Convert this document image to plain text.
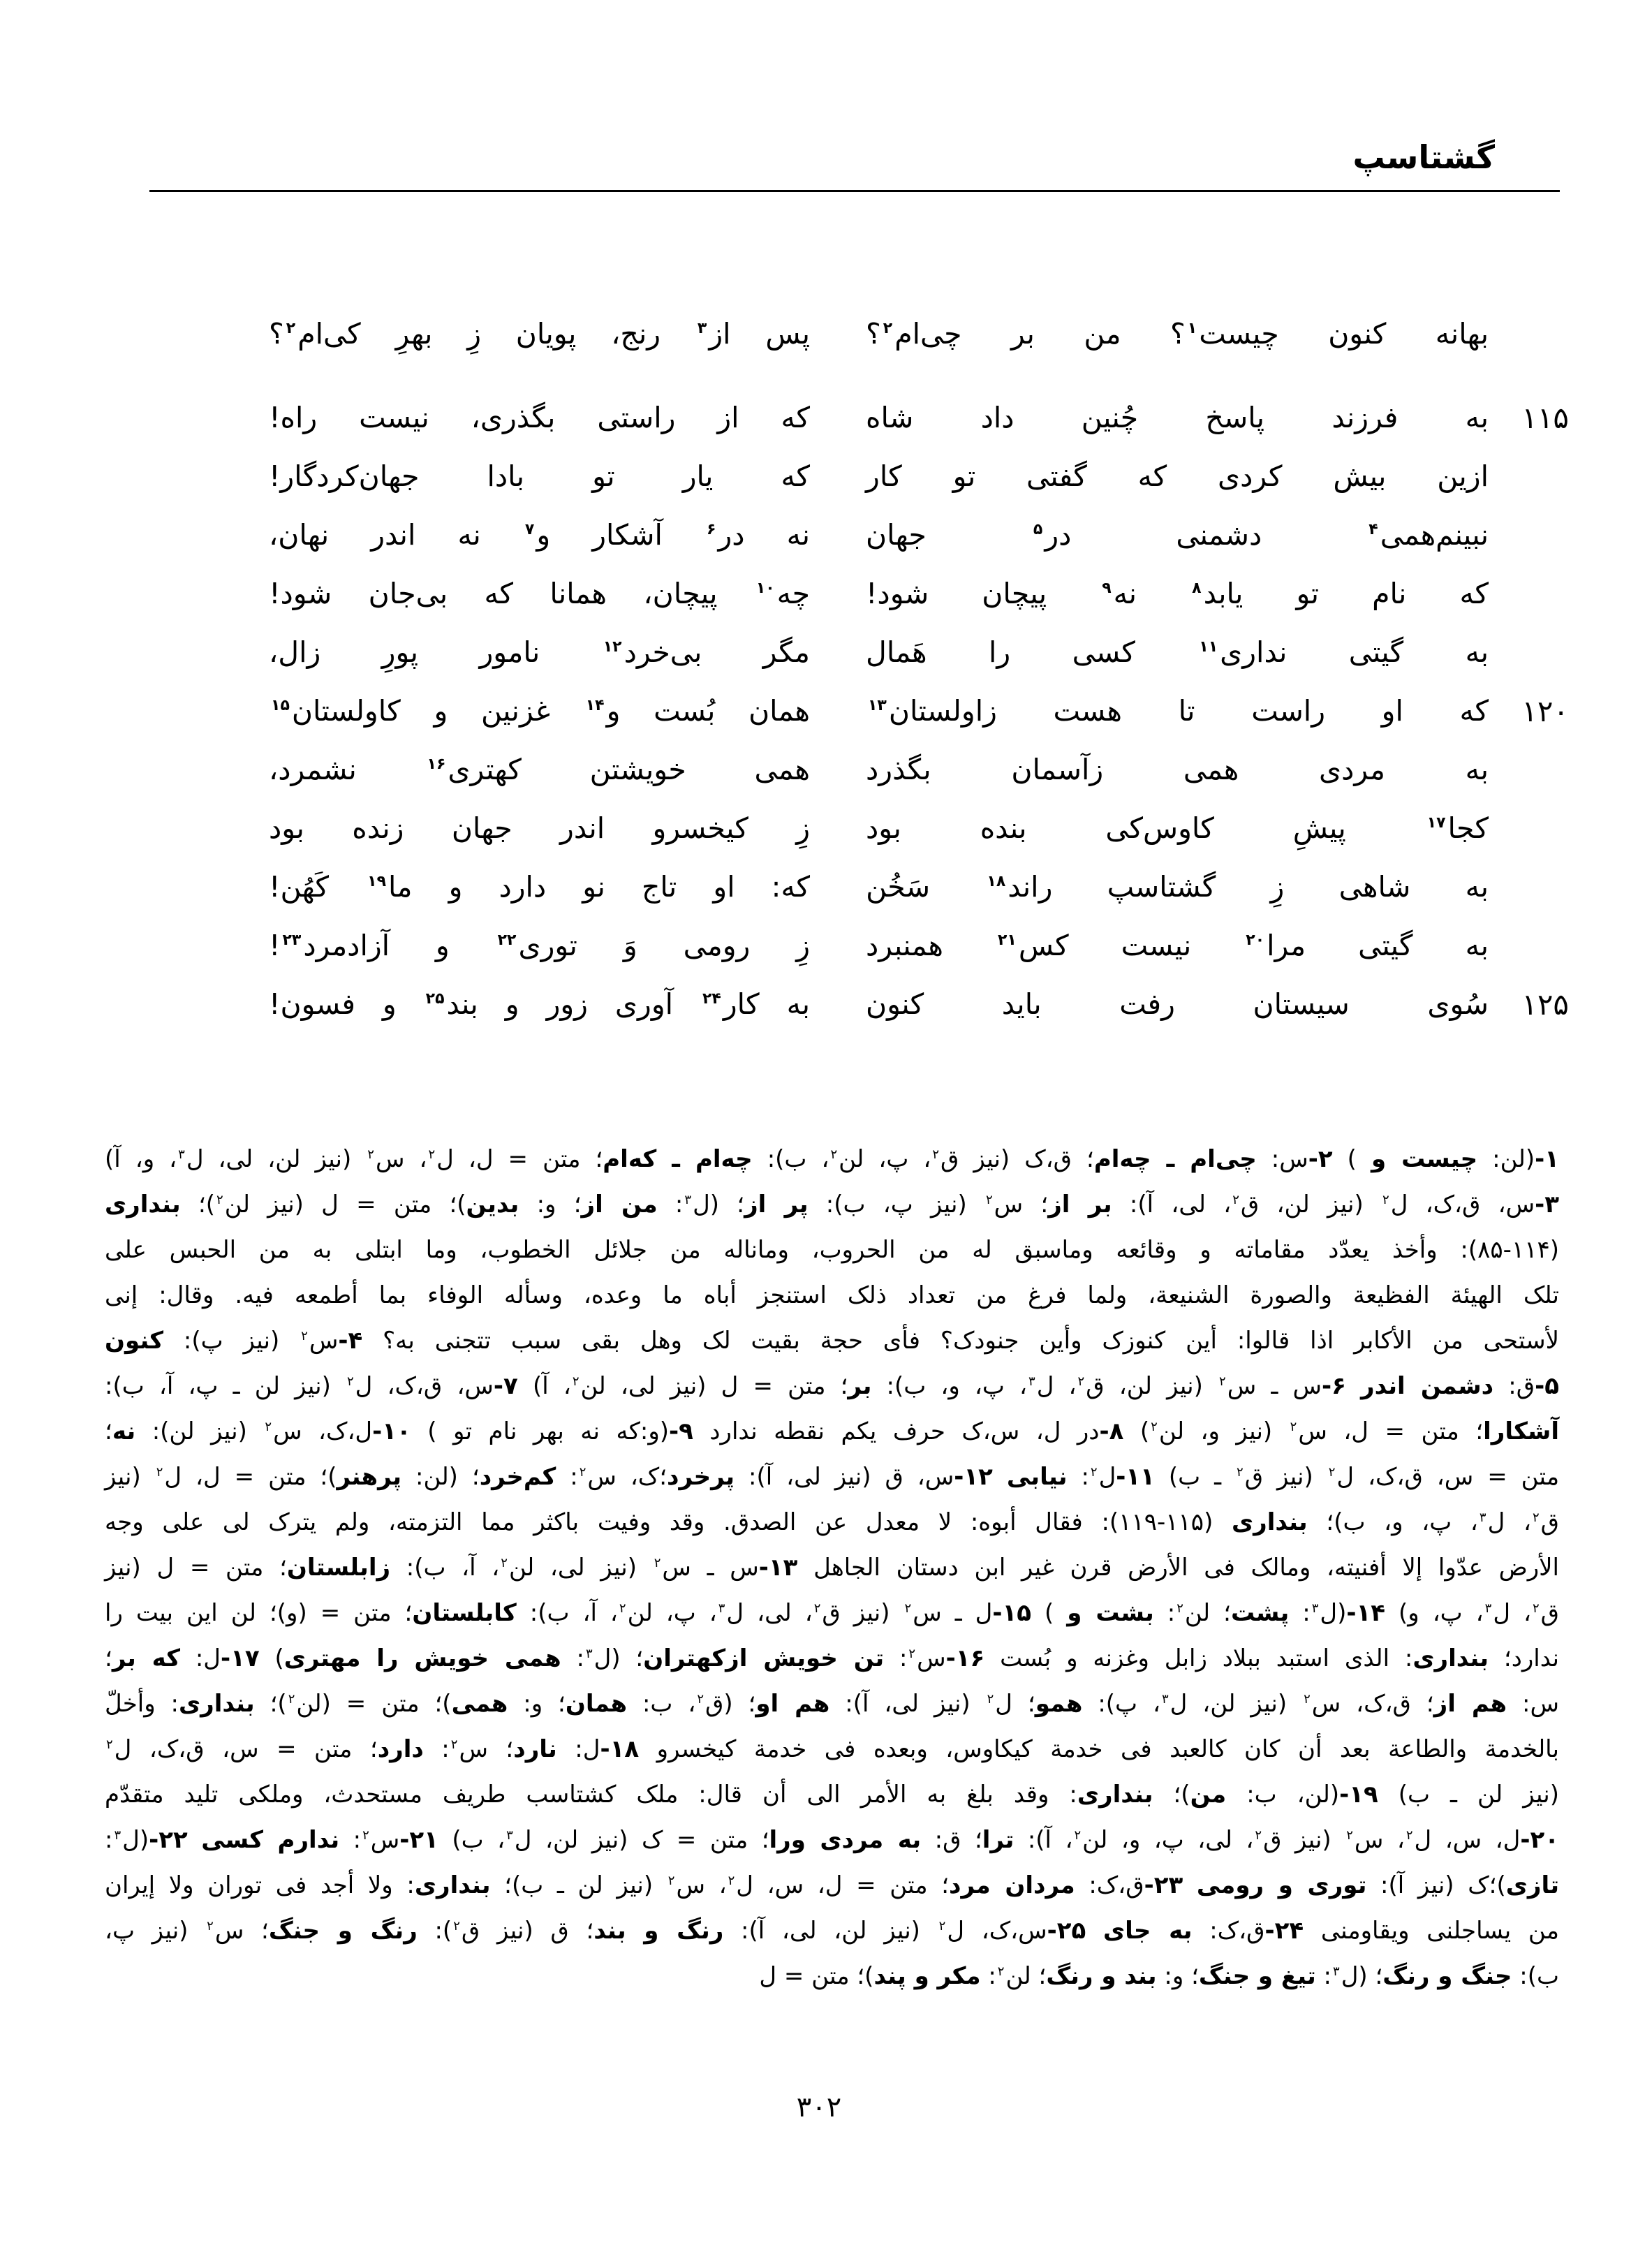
گشتاسپ
بهانه
کنون
چیست$^۱$؟
من
بر
چی‌ام$^۲$؟
پس
از$^۳$
رنج،
پویان
زِ
بهرِ
کی‌ام$^۲$؟
۱۱۵
به
فرزند
پاسخ
چُنین
داد
شاه
که
از
راستی
بگذری،
نیست
راه!
ازین
بیش
کردی
که
گفتی
تو
کار
که
یار
تو
بادا
جهان‌کردگار!
نبینم‌همی$^۴$
دشمنی
در$^۵$
جهان
نه
در$^۶$
آشکار
و$^۷$
نه
اندر
نهان،
که
نام
تو
یابد$^۸$
نه$^۹$
پیچان
شود!
چه$^{۱۰}$
پیچان،
همانا
که
بی‌جان
شود!
به
گیتی
نداری$^{۱۱}$
کسی
را
هَمال
مگر
بی‌خرد$^{۱۲}$
نامور
پورِ
زال،
۱۲۰
که
او
راست
تا
هست
زاولستان$^{۱۳}$
همان
بُست
و$^{۱۴}$
غزنین
و
کاولستان$^{۱۵}$
به
مردی
همی
زآسمان
بگذرد
همی
خویشتن
کهتری$^{۱۶}$
نشمرد،
کجا$^{۱۷}$
پیشِ
کاوس‌کی
بنده
بود
زِ
کیخسرو
اندر
جهان
زنده
بود
به
شاهی
زِ
گشتاسپ
راند$^{۱۸}$
سَخُن
که:
او
تاج
نو
دارد
و
ما$^{۱۹}$
کَهُن!
به
گیتی
مرا$^{۲۰}$
نیست
کس$^{۲۱}$
همنبرد
زِ
رومی
وَ
توری$^{۲۲}$
و
آزادمرد$^{۲۳}$!
۱۲۵
سُوی
سیستان
رفت
باید
کنون
به
کار$^{۲۴}$
آوری
زور
و
بند$^{۲۵}$
و
فسون!
۱-(لن: چیست و ) ۲-س: چی‌ام ـ چه‌ام؛ ق،ک (نیز ق$^۲$، پ، لن$^۲$، ب): چه‌ام ـ که‌ام؛ متن = ل، ل$^۲$، س$^۲$ (نیز لن، لی، ل$^۳$، و، آ)
۳-س، ق،ک، ل$^۲$ (نیز لن، ق$^۲$، لی، آ): بر از؛ س$^۲$ (نیز پ، ب): پر از؛ (ل$^۳$: من از؛ و: بدین)؛ متن = ل (نیز لن$^۲$)؛ بنداری
(۸۵-۱۱۴): وأخذ یعدّد مقاماته و وقائعه وماسبق له من الحروب، وماناله من جلائل الخطوب، وما ابتلی به من الحبس علی
تلک الهیئة الفظیعة والصورة الشنیعة، ولما فرغ من تعداد ذلک استنجز أباه ما وعده، وسأله الوفاء بما أطمعه فیه. وقال: إنی
لأستحی من الأکابر اذا قالوا: أین کنوزک وأین جنودک؟ فأی حجة بقیت لک وهل بقی سبب تتجنی به؟ ۴-س$^۲$ (نیز پ): کنون
۵-ق: دشمن اندر ۶-س ـ س$^۲$ (نیز لن، ق$^۲$، ل$^۳$، پ، و، ب): بر؛ متن = ل (نیز لی، لن$^۲$، آ) ۷-س، ق،ک، ل$^۲$ (نیز لن ـ پ، آ، ب):
آشکارا؛ متن = ل، س$^۲$ (نیز و، لن$^۲$) ۸-در ل، س،ک حرف یکم نقطه ندارد ۹-(و:که نه بهر نام تو ) ۱۰-ل،ک، س$^۲$ (نیز لن): نه؛
متن = س، ق،ک، ل$^۲$ (نیز ق$^۲$ ـ ب) ۱۱-ل$^۲$: نیابی ۱۲-س، ق (نیز لی، آ): پرخرد؛ک، س$^۲$: کم‌خرد؛ (لن: پرهنر)؛ متن = ل، ل$^۲$ (نیز
ق$^۲$، ل$^۳$، پ، و، ب)؛ بنداری (۱۱۵-۱۱۹): فقال أبوه: لا معدل عن الصدق. وقد وفیت باکثر مما التزمته، ولم یترک لی علی وجه
الأرض عدّوا إلا أفنیته، ومالک فی الأرض قرن غیر ابن دستان الجاهل ۱۳-س ـ س$^۲$ (نیز لی، لن$^۲$، آ، ب): زابلستان؛ متن = ل (نیز
ق$^۲$، ل$^۳$، پ، و) ۱۴-(ل$^۳$: پشت؛ لن$^۲$: بشت و ) ۱۵-ل ـ س$^۲$ (نیز ق$^۲$، لی، ل$^۳$، پ، لن$^۲$، آ، ب): کابلستان؛ متن = (و)؛ لن این بیت را
ندارد؛ بنداری: الذی استبد ببلاد زابل وغزنه و بُست ۱۶-س$^۲$: تن خویش ازکهتران؛ (ل$^۳$: همی خویش را مهتری) ۱۷-ل: که بر؛
س: هم از؛ ق،ک، س$^۲$ (نیز لن، ل$^۳$، پ): همو؛ ل$^۲$ (نیز لی، آ): هم او؛ (ق$^۲$، ب: همان؛ و: همی)؛ متن = (لن$^۲$)؛ بنداری: وأخلّ
بالخدمة والطاعة بعد أن کان کالعبد فی خدمة کیکاوس، وبعده فی خدمة کیخسرو ۱۸-ل: نارد؛ س$^۲$: دارد؛ متن = س، ق،ک، ل$^۲$
(نیز لن ـ ب) ۱۹-(لن، ب: من)؛ بنداری: وقد بلغ به الأمر الی أن قال: ملک کشتاسب طریف مستحدث، وملکی تلید متقدّم
۲۰-ل، س، ل$^۲$، س$^۲$ (نیز ق$^۲$، لی، پ، و، لن$^۲$، آ): ترا؛ ق: به مردی ورا؛ متن = ک (نیز لن، ل$^۳$، ب) ۲۱-س$^۲$: ندارم کسی ۲۲-(ل$^۳$:
تازی)؛ک (نیز آ): توری و رومی ۲۳-ق،ک: مردان مرد؛ متن = ل، س، ل$^۲$، س$^۲$ (نیز لن ـ ب)؛ بنداری: ولا أجد فی توران ولا إیران
من یساجلنی ویقاومنی ۲۴-ق،ک: به جای ۲۵-س،ک، ل$^۲$ (نیز لن، لی، آ): رنگ و بند؛ ق (نیز ق$^۲$): رنگ و جنگ؛ س$^۲$ (نیز پ،
ب): جنگ و رنگ؛ (ل$^۳$: تیغ و جنگ؛ و: بند و رنگ؛ لن$^۲$: مکر و پند)؛ متن = ل
۳۰۲
